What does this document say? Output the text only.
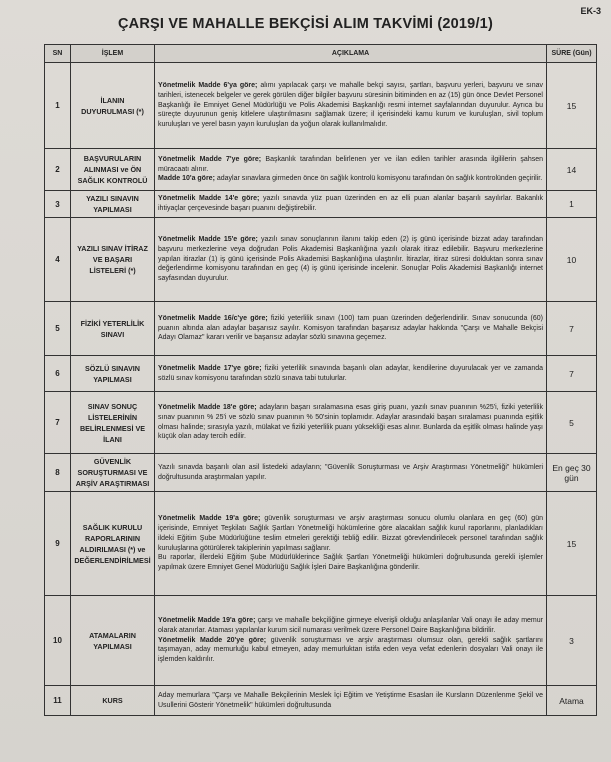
EK-3
ÇARŞI VE MAHALLE BEKÇİSİ ALIM TAKVİMİ (2019/1)
SN	İŞLEM	AÇIKLAMA	SÜRE (Gün)
1	İLANIN DUYURULMASI (*)	Yönetmelik Madde 6'ya göre; alımı yapılacak çarşı ve mahalle bekçi sayısı, şartları, başvuru yerleri, başvuru ve sınav tarihleri, istenecek belgeler ve gerek görülen diğer bilgiler başvuru süresinin bitiminden en az (15) gün önce Devlet Personel Başkanlığı ile Emniyet Genel Müdürlüğü ve Polis Akademisi Başkanlığı resmi internet sayfalarından duyurulur. Ayrıca bu süreçte duyurunun geniş kitlelere ulaştırılmasını sağlamak üzere; il içerisindeki kamu kurum ve kuruluşları, sivil toplum kuruluşları ve yerel basın yayın kuruluşları da yoğun olarak kullanılmalıdır.	15
2	BAŞVURULARIN ALINMASI ve ÖN SAĞLIK KONTROLÜ	Yönetmelik Madde 7'ye göre; Başkanlık tarafından belirlenen yer ve ilan edilen tarihler arasında ilgililerin şahsen müracaatı alınır.
Madde 10'a göre; adaylar sınavlara girmeden önce ön sağlık kontrolü komisyonu tarafından ön sağlık kontrolünden geçirilir.	14
3	YAZILI SINAVIN YAPILMASI	Yönetmelik Madde 14'e göre; yazılı sınavda yüz puan üzerinden en az elli puan alanlar başarılı sayılırlar. Bakanlık ihtiyaçlar çerçevesinde başarı puanını değiştirebilir.	1
4	YAZILI SINAV İTİRAZ VE BAŞARI LİSTELERİ (*)	Yönetmelik Madde 15'e göre; yazılı sınav sonuçlarının ilanını takip eden (2) iş günü içerisinde bizzat aday tarafından başvuru merkezlerine veya doğrudan Polis Akademisi Başkanlığına yazılı olarak itiraz edilebilir. Başvuru merkezlerine yapılan itirazlar (1) iş günü içerisinde Polis Akademisi Başkanlığına ulaştırılır. İtirazlar, itiraz süresi dolduktan sonra sınav değerlendirme komisyonu tarafından en geç (4) iş günü içerisinde incelenir. Sonuçlar Polis Akademisi Başkanlığı internet sayfasından duyurulur.	10
5	FİZİKİ YETERLİLİK SINAVI	Yönetmelik Madde 16/c'ye göre; fiziki yeterlilik sınavı (100) tam puan üzerinden değerlendirilir. Sınav sonucunda (60) puanın altında alan adaylar başarısız sayılır. Komisyon tarafından başarısız adaylar hakkında "Çarşı ve Mahalle Bekçisi Adayı Olamaz" kararı verilir ve başarısız adaylar sözlü sınavına geçemez.	7
6	SÖZLÜ SINAVIN YAPILMASI	Yönetmelik Madde 17'ye göre; fiziki yeterlilik sınavında başarılı olan adaylar, kendilerine duyurulacak yer ve zamanda sözlü sınav komisyonu tarafından sözlü sınava tabi tutulurlar.	7
7	SINAV SONUÇ LİSTELERİNİN BELİRLENMESİ VE İLANI	Yönetmelik Madde 18'e göre; adayların başarı sıralamasına esas giriş puanı, yazılı sınav puanının %25'i, fiziki yeterlilik sınav puanının % 25'i ve sözlü sınav puanının % 50'sinin toplamıdır. Adaylar arasındaki başarı sıralaması puanında eşitlik olması halinde; sırasıyla yazılı, mülakat ve fiziki yeterlilik puanı yüksekliği esas alınır. Bunlarda da eşitlik olması halinde yaşı küçük olan aday tercih edilir.	5
8	GÜVENLİK SORUŞTURMASI VE ARŞİV ARAŞTIRMASI	Yazılı sınavda başarılı olan asil listedeki adayların; "Güvenlik Soruşturması ve Arşiv Araştırması Yönetmeliği" hükümleri doğrultusunda araştırmaları yapılır.	En geç 30 gün
9	SAĞLIK KURULU RAPORLARININ ALDIRILMASI (*) ve DEĞERLENDİRİLMESİ	Yönetmelik Madde 19'a göre; güvenlik soruşturması ve arşiv araştırması sonucu olumlu olanlara en geç (60) gün içerisinde, Emniyet Teşkilatı Sağlık Şartları Yönetmeliği hükümlerine göre alacakları sağlık kurul raporlarını, planladıkları ildeki Eğitim Şube Müdürlüğüne teslim etmeleri gerektiği tebliğ edilir. Bizzat görevlendirilecek personel tarafından sağlık kuruluşlarına götürülerek takiplerinin yapılması sağlanır.
Bu raporlar, illerdeki Eğitim Şube Müdürlüklerince Sağlık Şartları Yönetmeliği hükümleri doğrultusunda gerekli işlemler yapılmak üzere Emniyet Genel Müdürlüğü Sağlık İşleri Daire Başkanlığına gönderilir.	15
10	ATAMALARIN YAPILMASI	Yönetmelik Madde 19'a göre; çarşı ve mahalle bekçiliğine girmeye elverişli olduğu anlaşılanlar Vali onayı ile aday memur olarak atanırlar. Ataması yapılanlar kurum sicil numarası verilmek üzere Personel Daire Başkanlığına bildirilir.
Yönetmelik Madde 20'ye göre; güvenlik soruşturması ve arşiv araştırması olumsuz olan, gerekli sağlık şartlarını taşımayan, aday memurluğu kabul etmeyen, aday memurluktan istifa eden veya vefat edenlerin dosyaları Vali onayı ile işlemden kaldırılır.	3
11	KURS	Aday memurlara "Çarşı ve Mahalle Bekçilerinin Meslek İçi Eğitim ve Yetiştirme Esasları ile Kursların Düzenlenme Şekil ve Usullerini Gösterir Yönetmelik" hükümleri doğrultusunda	Atama
